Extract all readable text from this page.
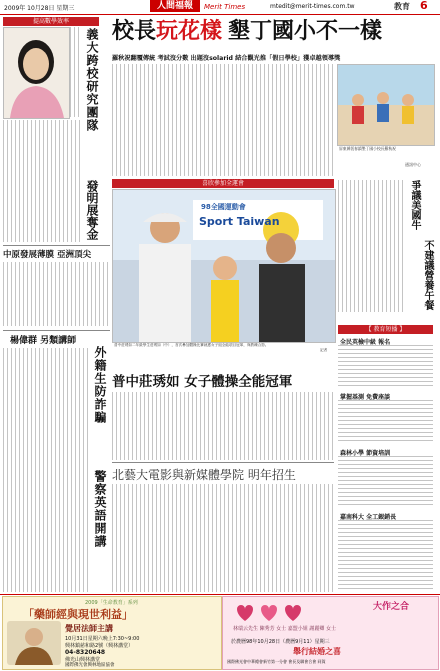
2009年 10月28日 星期三	mtedit@merit-times.com.tw	教育 6
人間福報	Merit Times
提高數學效率
義大跨校研究團隊
發明展奪金
中原發展薄膜 亞洲頂尖
楊偉群 另類講師
外籍生防詐騙
警察英語開講
校長玩花樣 墾丁國小不一樣
羅秋祝翻覆傳統 考試沒分數 出題沒solarid 結合觀光推「假日學校」獲卓越領導獎
屏東縣恆春鎮墾丁國小校長羅秋祝
通訊中心
喜欣參加全運會
98全國運動會
Sport Taiwan
普中莊琇如二年級學生莊琇如（中），首次參加體操比賽就獲女子組全能項目冠軍，與教練合影。
記者
普中莊琇如 女子體操全能冠軍
北藝大電影與新媒體學院 明年招生
爭議美國牛
不建議營養午餐
【 教育短播 】
全民英檢中級 報名
掌握基測 免費座談
森林小學 節資培訓
嘉南科大 全工銀銷長
2009「生命教育」系列
「藥師經與現世利益」
覺居法師主講
10月31日星期六晚上7:30~9:00
興林鎮慈和路2號（興林講堂）
04-8320648
佛光山興林講堂
國際佛光會興林地區協會
大作之合
林瑞云先生 陳秀芳 女士 嘉盟小姐 謝麗卿 女士
於農曆98年10月28日（農曆9月11）星期三
舉行結婚之喜
國際佛光會中華總會新竹第一分會 會長及聯會合會 同賀
